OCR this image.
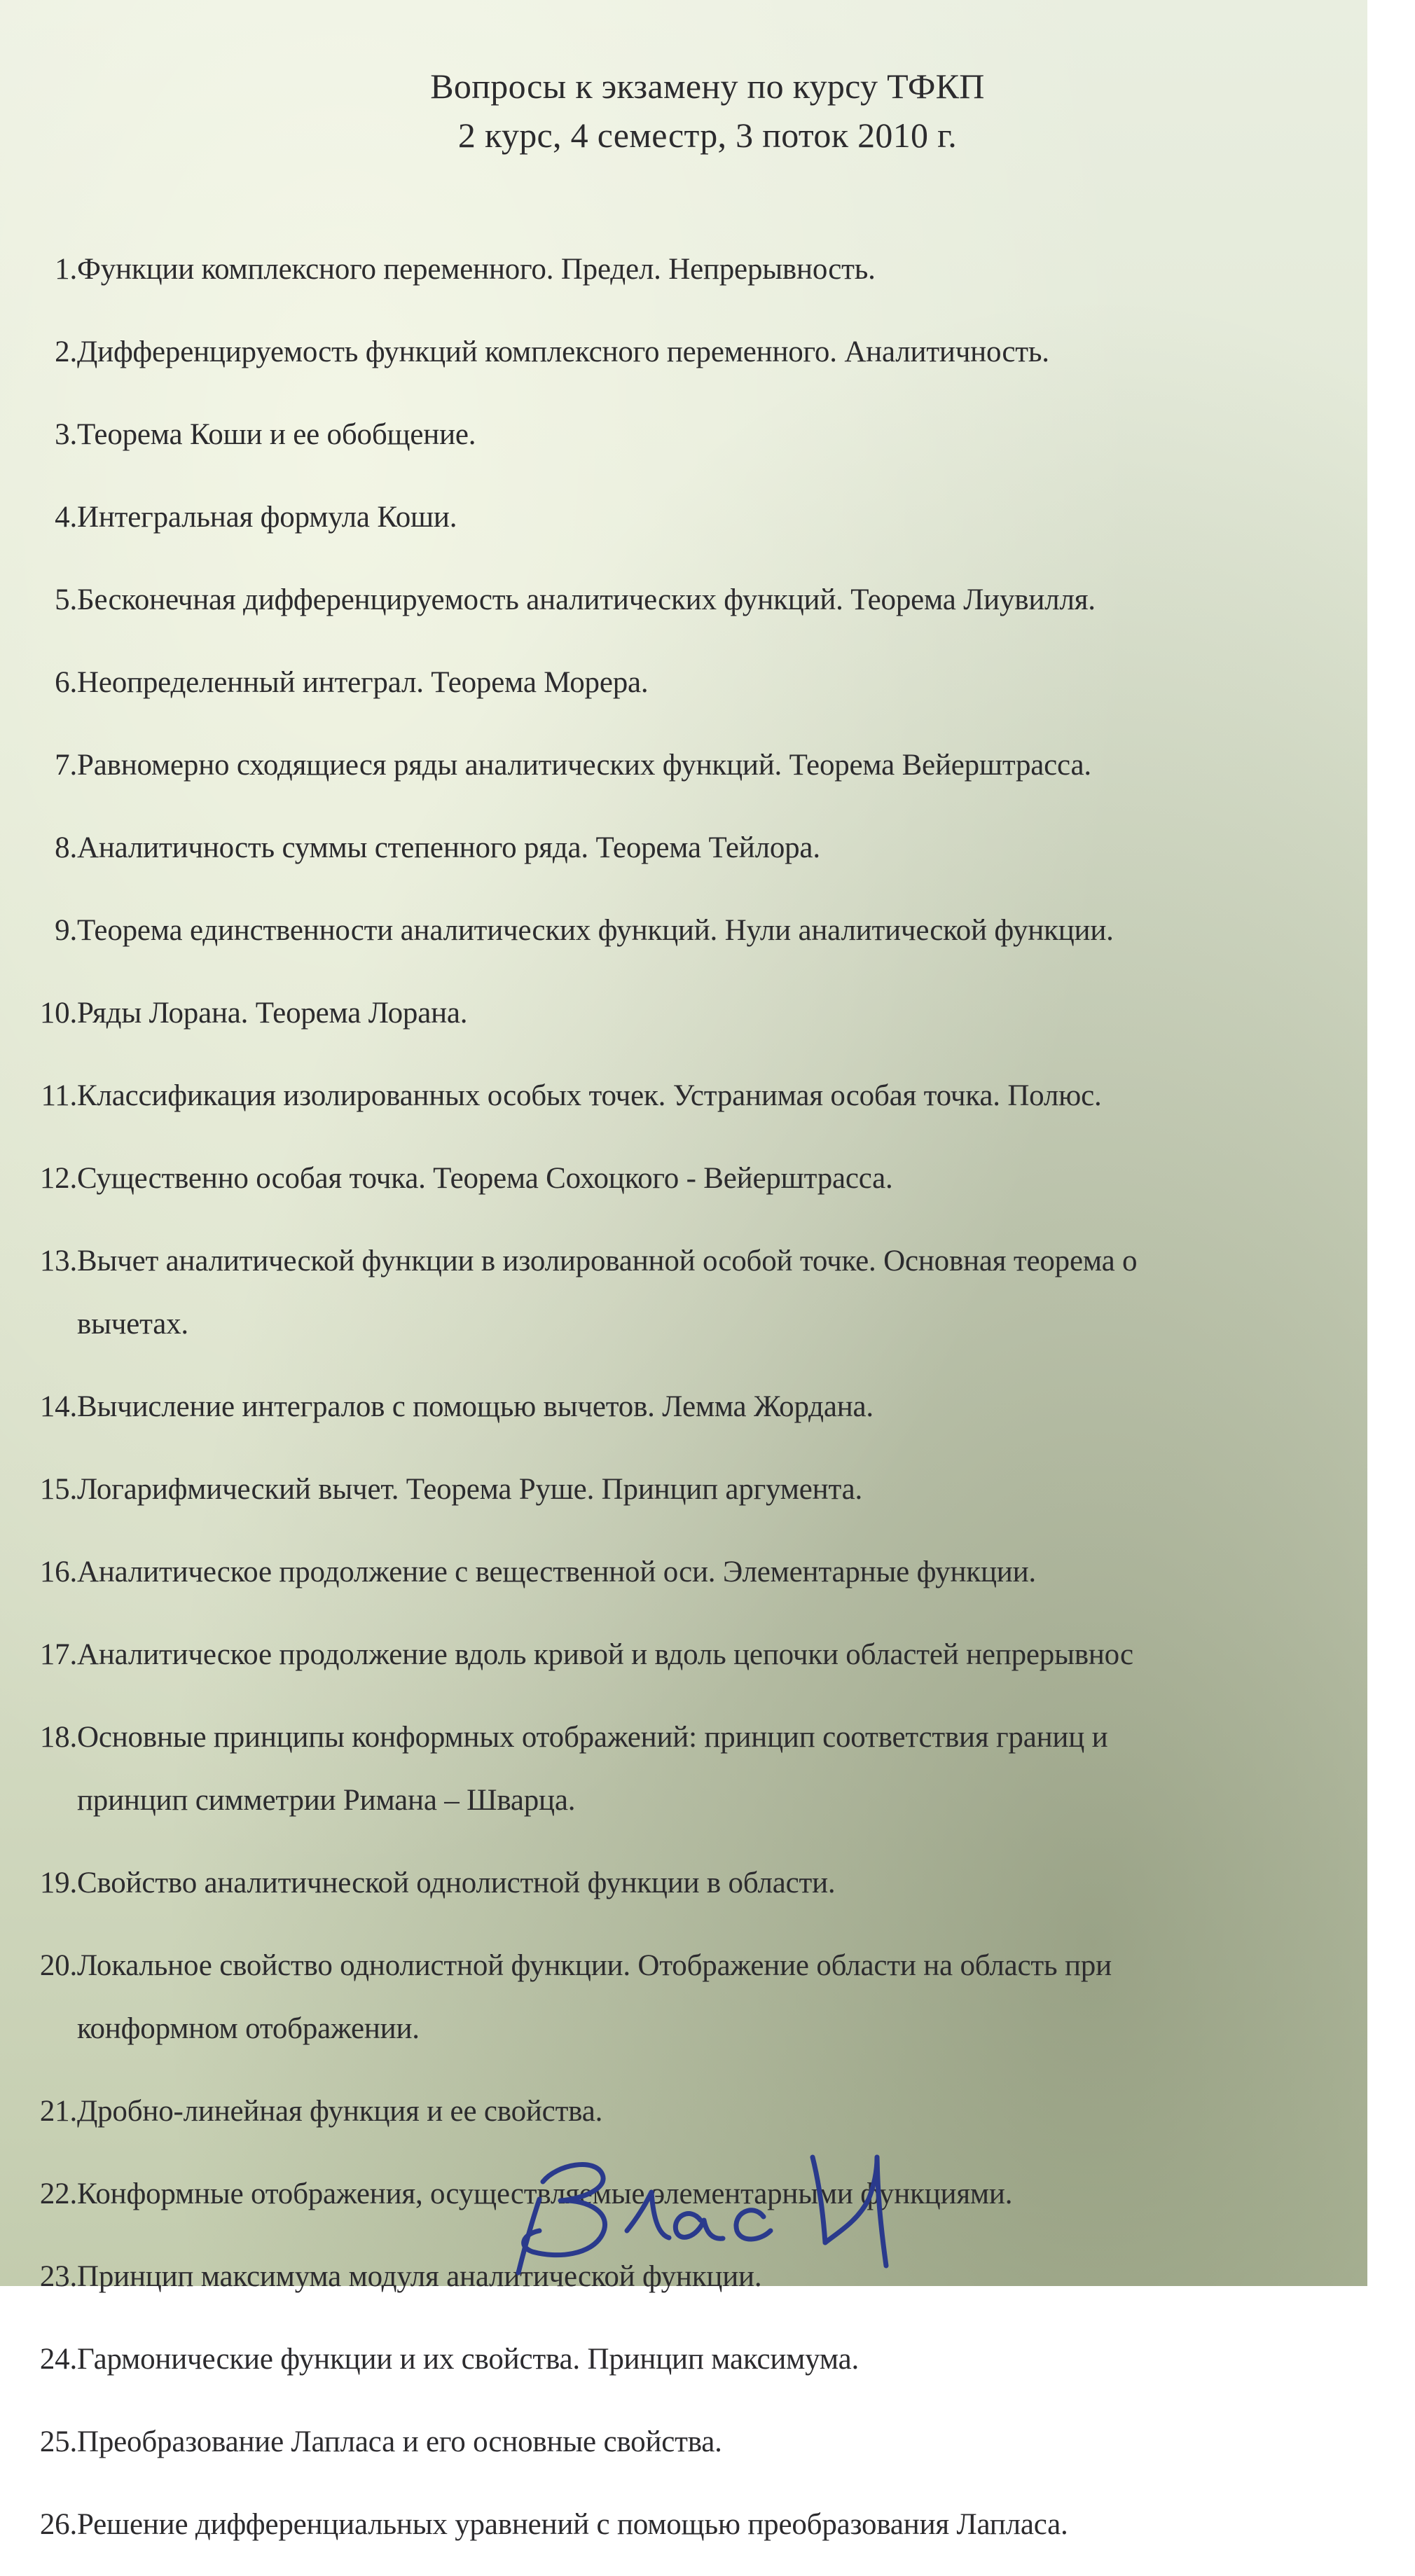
Вопросы к экзамену по курсу ТФКП
2 курс, 4 семестр, 3 поток 2010 г.
1. Функции комплексного переменного. Предел. Непрерывность.
2. Дифференцируемость функций комплексного переменного. Аналитичность.
3. Теорема Коши и ее обобщение.
4. Интегральная формула Коши.
5. Бесконечная дифференцируемость аналитических функций. Теорема Лиувилля.
6. Неопределенный интеграл. Теорема Морера.
7. Равномерно сходящиеся ряды аналитических функций. Теорема Вейерштрасса.
8. Аналитичность суммы степенного ряда. Теорема Тейлора.
9. Теорема единственности аналитических функций. Нули аналитической функции.
10. Ряды Лорана. Теорема Лорана.
11. Классификация изолированных особых точек. Устранимая особая точка. Полюс.
12. Существенно особая точка. Теорема Сохоцкого - Вейерштрасса.
13. Вычет аналитической функции в изолированной особой точке. Основная теорема о
вычетах.
14. Вычисление интегралов с помощью вычетов. Лемма Жордана.
15. Логарифмический вычет. Теорема Руше. Принцип аргумента.
16. Аналитическое продолжение с вещественной оси. Элементарные функции.
17. Аналитическое продолжение вдоль кривой и вдоль цепочки областей непрерывнос
18. Основные принципы конформных отображений: принцип соответствия границ и
принцип симметрии Римана – Шварца.
19. Свойство аналитичнеской однолистной функции в области.
20. Локальное свойство однолистной функции. Отображение области на область при
конформном отображении.
21. Дробно-линейная функция и ее свойства.
22. Конформные отображения, осуществляемые элементарными функциями.
23. Принцип максимума модуля аналитической функции.
24. Гармонические функции и их свойства. Принцип максимума.
25. Преобразование Лапласа и его основные свойства.
26. Решение дифференциальных уравнений с помощью преобразования Лапласа.
